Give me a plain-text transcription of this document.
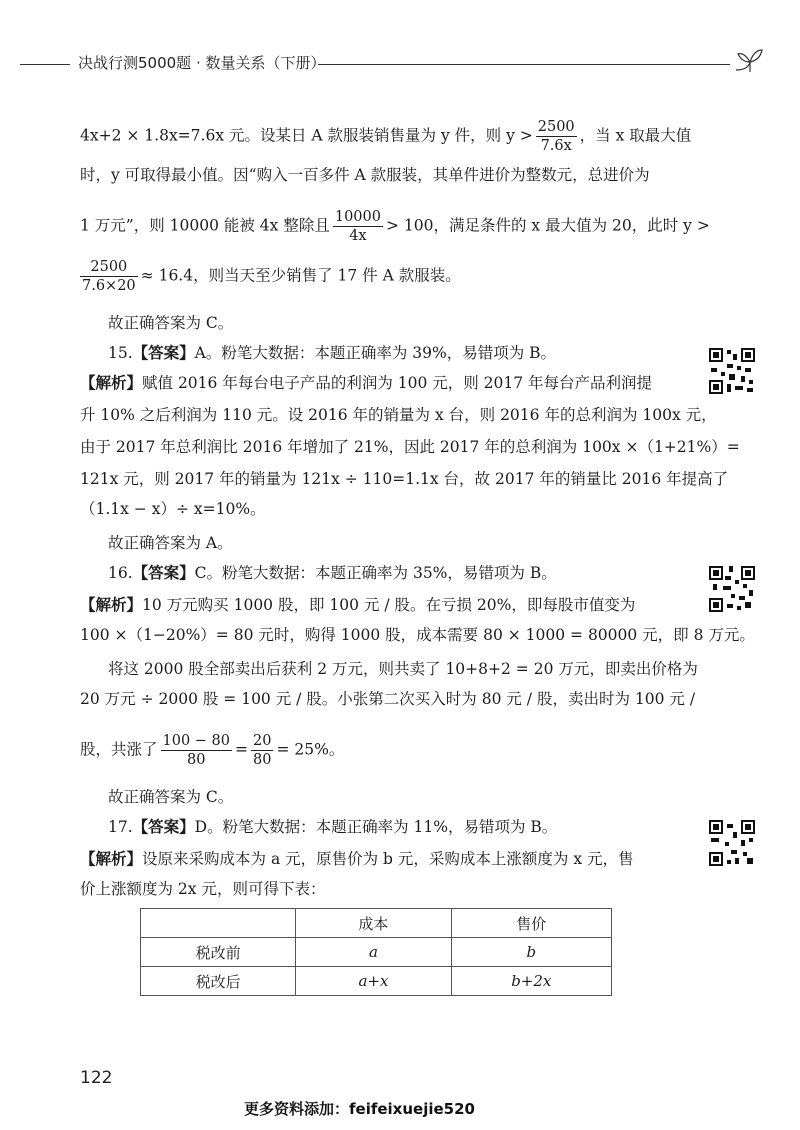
决战行测5000题 · 数量关系（下册）
4x+2 × 1.8x=7.6x 元。设某日 A 款服装销售量为 y 件，则 $y > \frac{2500}{7.6x}$ ，当 x 取最大值
时，y 可取得最小值。因“购入一百多件 A 款服装，其单件进价为整数元，总进价为
1 万元”，则 10000 能被 4x 整除且 $\frac{10000}{4x} > 100$，满足条件的 x 最大值为 20，此时 y >
$\frac{2500}{7.6\times 20} \approx 16.4$，则当天至少销售了 17 件 A 款服装。
故正确答案为 C。
15.【答案】A。粉笔大数据：本题正确率为 39%，易错项为 B。
【解析】赋值 2016 年每台电子产品的利润为 100 元，则 2017 年每台产品利润提
升 10% 之后利润为 110 元。设 2016 年的销量为 x 台，则 2016 年的总利润为 100x 元，
由于 2017 年总利润比 2016 年增加了 21%，因此 2017 年的总利润为 100x ×（1+21%）=
121x 元，则 2017 年的销量为 121x ÷ 110=1.1x 台，故 2017 年的销量比 2016 年提高了
（1.1x − x）÷ x=10%。
故正确答案为 A。
16.【答案】C。粉笔大数据：本题正确率为 35%，易错项为 B。
【解析】10 万元购买 1000 股，即 100 元 / 股。在亏损 20%，即每股市值变为
100 ×（1−20%）= 80 元时，购得 1000 股，成本需要 80 × 1000 = 80000 元，即 8 万元。
将这 2000 股全部卖出后获利 2 万元，则共卖了 10+8+2 = 20 万元，即卖出价格为
20 万元 ÷ 2000 股 = 100 元 / 股。小张第二次买入时为 80 元 / 股，卖出时为 100 元 /
股，共涨了 $\frac{100 - 80}{80} = \frac{20}{80} = 25\%$。
故正确答案为 C。
17.【答案】D。粉笔大数据：本题正确率为 11%，易错项为 B。
【解析】设原来采购成本为 a 元，原售价为 b 元，采购成本上涨额度为 x 元，售
价上涨额度为 2x 元，则可得下表：
	成本	售价
税改前	a	b
税改后	a+x	b+2x
122
更多资料添加：feifeixuejie520
